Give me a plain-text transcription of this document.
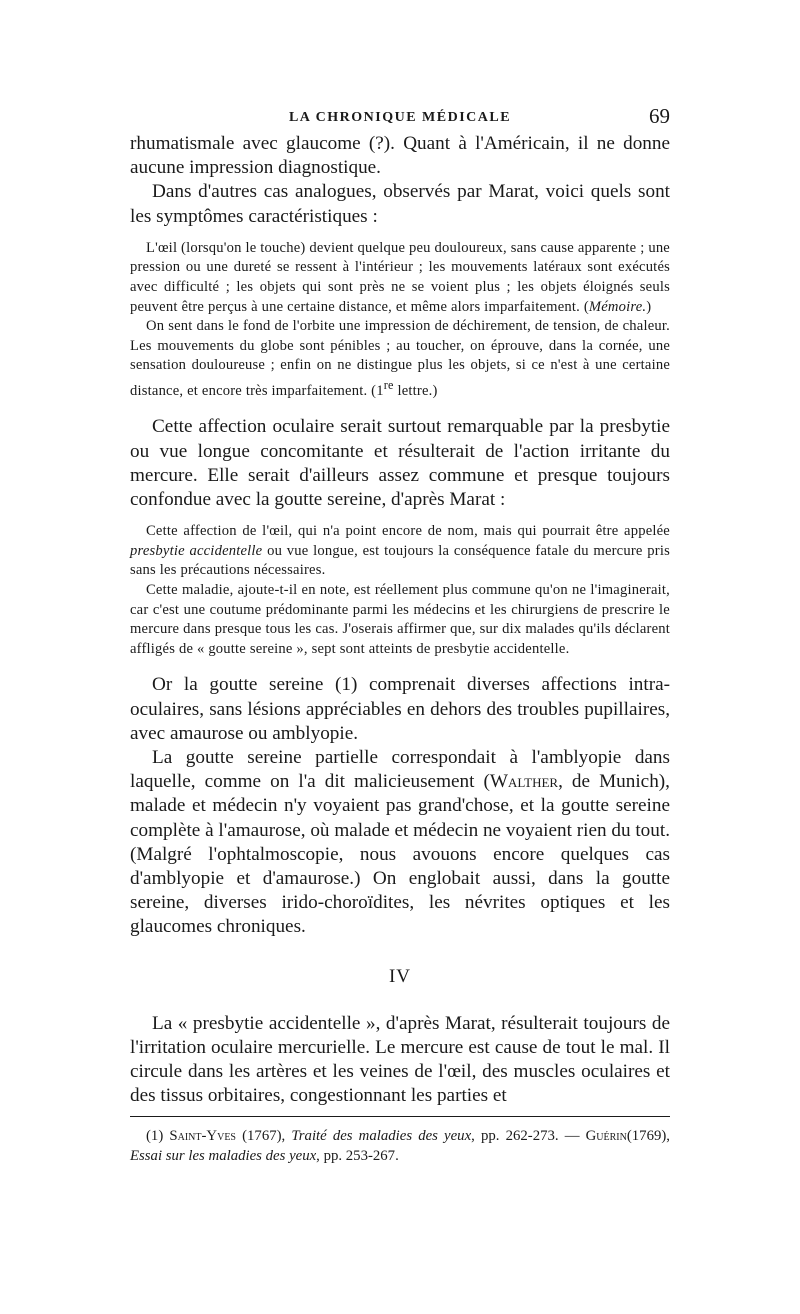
LA CHRONIQUE MÉDICALE	69

rhumatismale avec glaucome (?). Quant à l'Américain, il ne donne aucune impression diagnostique.

Dans d'autres cas analogues, observés par Marat, voici quels sont les symptômes caractéristiques :

L'œil (lorsqu'on le touche) devient quelque peu douloureux, sans cause apparente ; une pression ou une dureté se ressent à l'intérieur ; les mouvements latéraux sont exécutés avec difficulté ; les objets qui sont près ne se voient plus ; les objets éloignés seuls peuvent être perçus à une certaine distance, et même alors imparfaitement. (Mémoire.)

On sent dans le fond de l'orbite une impression de déchirement, de tension, de chaleur. Les mouvements du globe sont pénibles ; au toucher, on éprouve, dans la cornée, une sensation douloureuse ; enfin on ne distingue plus les objets, si ce n'est à une certaine distance, et encore très imparfaitement. (1re lettre.)

Cette affection oculaire serait surtout remarquable par la presbytie ou vue longue concomitante et résulterait de l'action irritante du mercure. Elle serait d'ailleurs assez commune et presque toujours confondue avec la goutte sereine, d'après Marat :

Cette affection de l'œil, qui n'a point encore de nom, mais qui pourrait être appelée presbytie accidentelle ou vue longue, est toujours la conséquence fatale du mercure pris sans les précautions nécessaires.

Cette maladie, ajoute-t-il en note, est réellement plus commune qu'on ne l'imaginerait, car c'est une coutume prédominante parmi les médecins et les chirurgiens de prescrire le mercure dans presque tous les cas. J'oserais affirmer que, sur dix malades qu'ils déclarent affligés de « goutte sereine », sept sont atteints de presbytie accidentelle.

Or la goutte sereine (1) comprenait diverses affections intra-oculaires, sans lésions appréciables en dehors des troubles pupillaires, avec amaurose ou amblyopie.

La goutte sereine partielle correspondait à l'amblyopie dans laquelle, comme on l'a dit malicieusement (Walther, de Munich), malade et médecin n'y voyaient pas grand'chose, et la goutte sereine complète à l'amaurose, où malade et médecin ne voyaient rien du tout. (Malgré l'ophtalmoscopie, nous avouons encore quelques cas d'amblyopie et d'amaurose.) On englobait aussi, dans la goutte sereine, diverses irido-choroïdites, les névrites optiques et les glaucomes chroniques.

IV

La « presbytie accidentelle », d'après Marat, résulterait toujours de l'irritation oculaire mercurielle. Le mercure est cause de tout le mal. Il circule dans les artères et les veines de l'œil, des muscles oculaires et des tissus orbitaires, congestionnant les parties et

(1) Saint-Yves (1767), Traité des maladies des yeux, pp. 262-273. — Guérin(1769), Essai sur les maladies des yeux, pp. 253-267.
